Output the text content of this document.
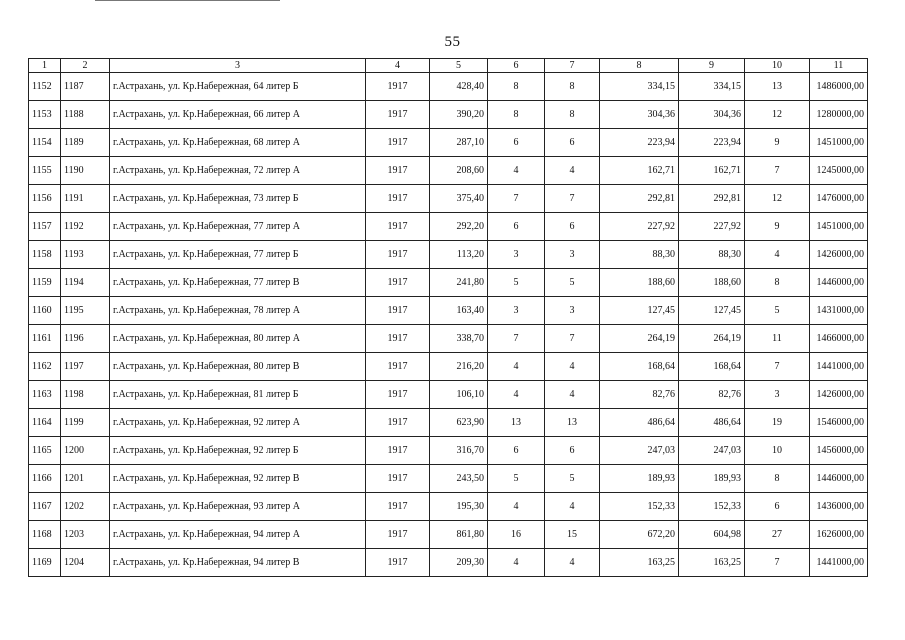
55
1	2	3	4	5	6	7	8	9	10	11
1152	1187	г.Астрахань, ул. Кр.Набережная, 64 литер Б	1917	428,40	8	8	334,15	334,15	13	1486000,00
1153	1188	г.Астрахань, ул. Кр.Набережная, 66 литер А	1917	390,20	8	8	304,36	304,36	12	1280000,00
1154	1189	г.Астрахань, ул. Кр.Набережная, 68 литер А	1917	287,10	6	6	223,94	223,94	9	1451000,00
1155	1190	г.Астрахань, ул. Кр.Набережная, 72 литер А	1917	208,60	4	4	162,71	162,71	7	1245000,00
1156	1191	г.Астрахань, ул. Кр.Набережная, 73 литер Б	1917	375,40	7	7	292,81	292,81	12	1476000,00
1157	1192	г.Астрахань, ул. Кр.Набережная, 77 литер А	1917	292,20	6	6	227,92	227,92	9	1451000,00
1158	1193	г.Астрахань, ул. Кр.Набережная, 77 литер Б	1917	113,20	3	3	88,30	88,30	4	1426000,00
1159	1194	г.Астрахань, ул. Кр.Набережная, 77 литер В	1917	241,80	5	5	188,60	188,60	8	1446000,00
1160	1195	г.Астрахань, ул. Кр.Набережная, 78 литер А	1917	163,40	3	3	127,45	127,45	5	1431000,00
1161	1196	г.Астрахань, ул. Кр.Набережная, 80 литер А	1917	338,70	7	7	264,19	264,19	11	1466000,00
1162	1197	г.Астрахань, ул. Кр.Набережная, 80 литер В	1917	216,20	4	4	168,64	168,64	7	1441000,00
1163	1198	г.Астрахань, ул. Кр.Набережная, 81 литер Б	1917	106,10	4	4	82,76	82,76	3	1426000,00
1164	1199	г.Астрахань, ул. Кр.Набережная, 92 литер А	1917	623,90	13	13	486,64	486,64	19	1546000,00
1165	1200	г.Астрахань, ул. Кр.Набережная, 92 литер Б	1917	316,70	6	6	247,03	247,03	10	1456000,00
1166	1201	г.Астрахань, ул. Кр.Набережная, 92 литер В	1917	243,50	5	5	189,93	189,93	8	1446000,00
1167	1202	г.Астрахань, ул. Кр.Набережная, 93 литер А	1917	195,30	4	4	152,33	152,33	6	1436000,00
1168	1203	г.Астрахань, ул. Кр.Набережная, 94 литер А	1917	861,80	16	15	672,20	604,98	27	1626000,00
1169	1204	г.Астрахань, ул. Кр.Набережная, 94 литер В	1917	209,30	4	4	163,25	163,25	7	1441000,00
